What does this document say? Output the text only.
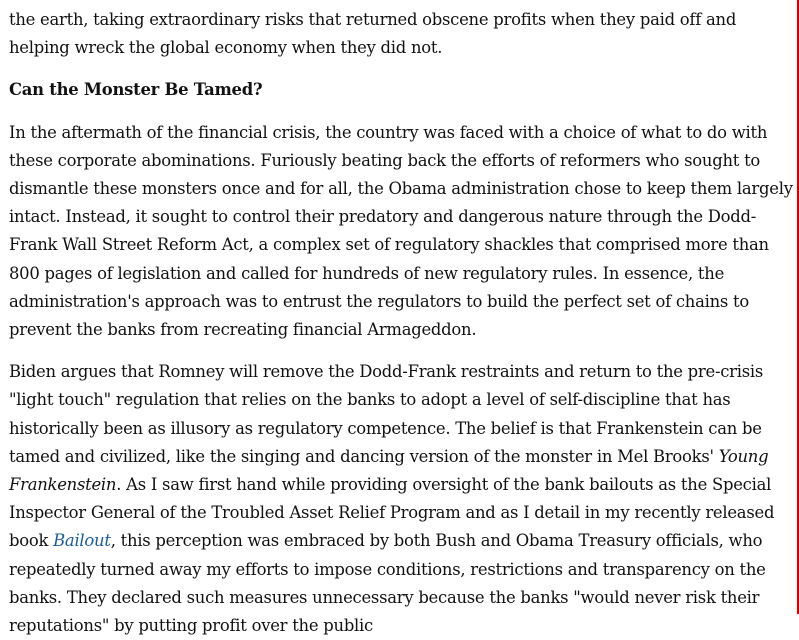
the earth, taking extraordinary risks that returned obscene profits when they paid off and helping wreck the global economy when they did not.

Can the Monster Be Tamed?

In the aftermath of the financial crisis, the country was faced with a choice of what to do with these corporate abominations. Furiously beating back the efforts of reformers who sought to dismantle these monsters once and for all, the Obama administration chose to keep them largely intact. Instead, it sought to control their predatory and dangerous nature through the Dodd-Frank Wall Street Reform Act, a complex set of regulatory shackles that comprised more than 800 pages of legislation and called for hundreds of new regulatory rules. In essence, the administration's approach was to entrust the regulators to build the perfect set of chains to prevent the banks from recreating financial Armageddon.

Biden argues that Romney will remove the Dodd-Frank restraints and return to the pre-crisis "light touch" regulation that relies on the banks to adopt a level of self-discipline that has historically been as illusory as regulatory competence. The belief is that Frankenstein can be tamed and civilized, like the singing and dancing version of the monster in Mel Brooks' Young Frankenstein. As I saw first hand while providing oversight of the bank bailouts as the Special Inspector General of the Troubled Asset Relief Program and as I detail in my recently released book Bailout, this perception was embraced by both Bush and Obama Treasury officials, who repeatedly turned away my efforts to impose conditions, restrictions and transparency on the banks. They declared such measures unnecessary because the banks "would never risk their reputations" by putting profit over the public
